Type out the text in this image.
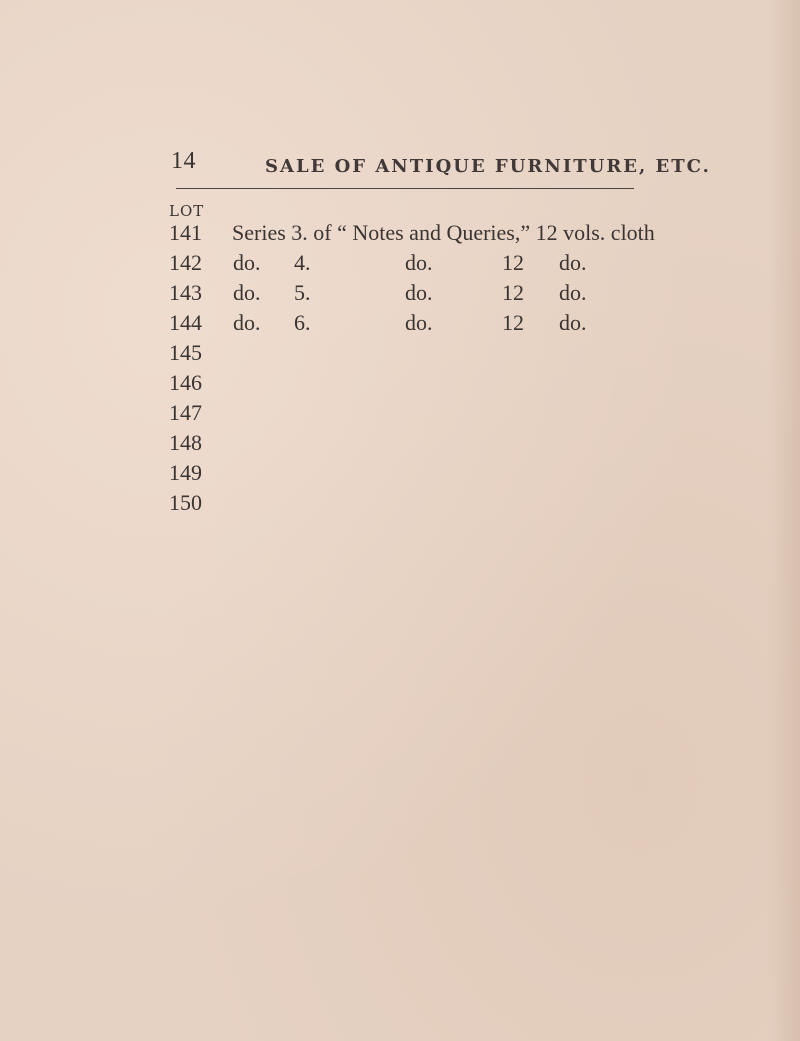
14	SALE OF ANTIQUE FURNITURE, ETC.
LOT
141 Series 3. of “ Notes and Queries,” 12 vols. cloth
142 do. 4.	do.	12 do.
143 do. 5.	do.	12 do.
144 do. 6.	do.	12 do.
145
146
147
148
149
150
